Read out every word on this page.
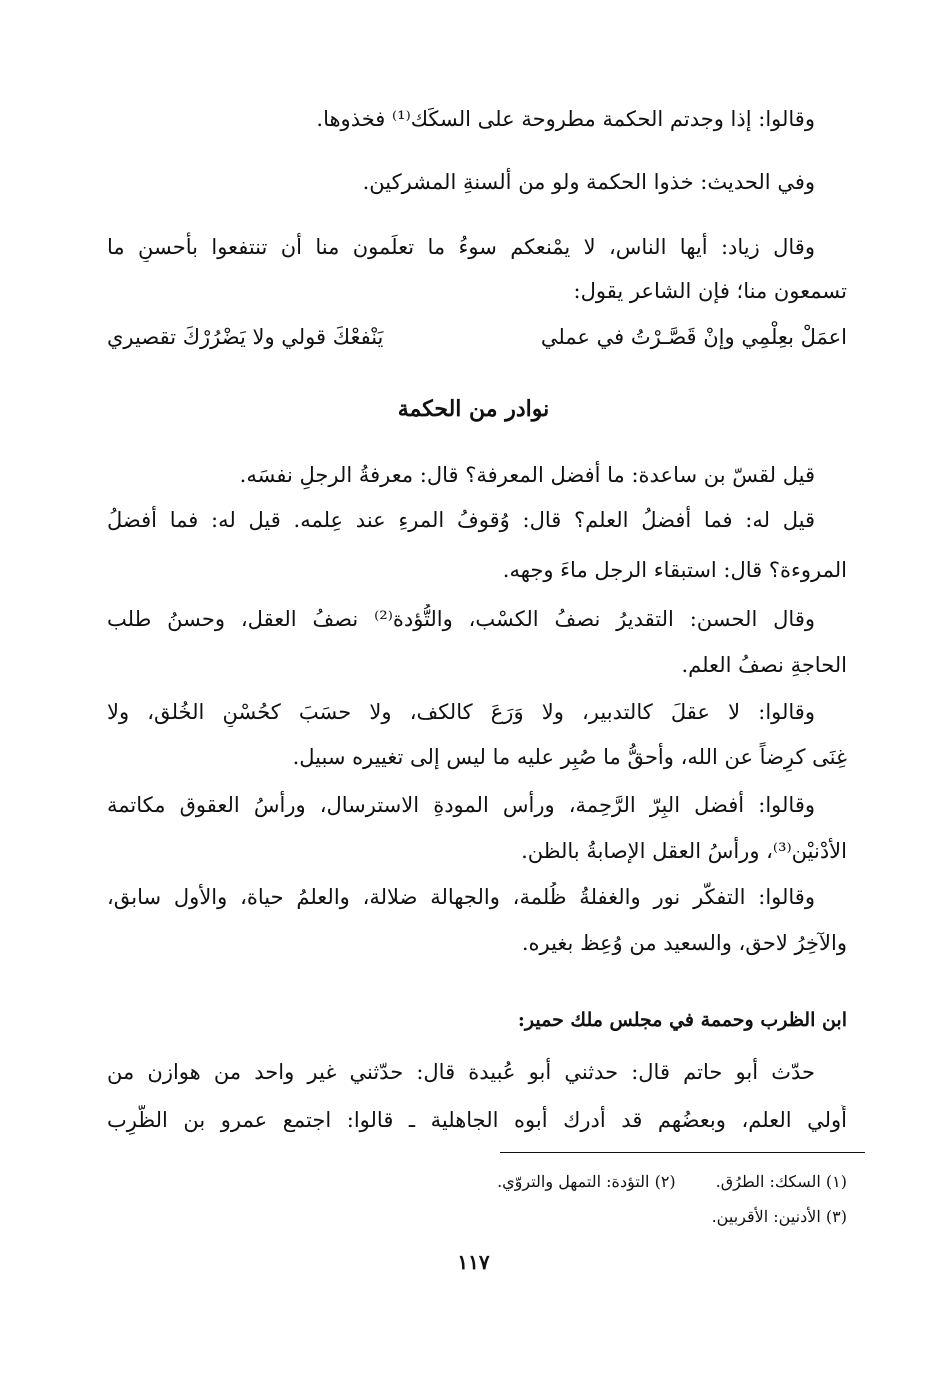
وقالوا: إذا وجدتم الحكمة مطروحة على السكَك⁽¹⁾ فخذوها.
وفي الحديث: خذوا الحكمة ولو من ألسنةِ المشركين.
وقال زياد: أيها الناس، لا يمْنعكم سوءُ ما تعلَمون منا أن تنتفعوا بأحسنِ ما
تسمعون منا؛ فإن الشاعر يقول:
اعمَلْ بعِلْمِي وإنْ قَصَّـرْتُ في عملي
يَنْفعْكَ قولي ولا يَضْرُرْكَ تقصيري
نوادر من الحكمة
قيل لقسّ بن ساعدة: ما أفضل المعرفة؟ قال: معرفةُ الرجلِ نفسَه.
قيل له: فما أفضلُ العلم؟ قال: وُقوفُ المرءِ عند عِلمه. قيل له: فما أفضلُ
المروءة؟ قال: استبقاء الرجل ماءَ وجهه.
وقال الحسن: التقديرُ نصفُ الكسْب، والتُّؤدة⁽²⁾ نصفُ العقل، وحسنُ طلب
الحاجةِ نصفُ العلم.
وقالوا: لا عقلَ كالتدبير، ولا وَرَعَ كالكف، ولا حسَبَ كحُسْنِ الخُلق، ولا
غِنَى كرِضاً عن الله، وأحقُّ ما صُبِر عليه ما ليس إلى تغييره سبيل.
وقالوا: أفضل البِرّ الرَّحِمة، ورأس المودةِ الاسترسال، ورأسُ العقوق مكاتمة
الأدْنيْن⁽³⁾، ورأسُ العقل الإصابةُ بالظن.
وقالوا: التفكّر نور والغفلةُ ظُلمة، والجهالة ضلالة، والعلمُ حياة، والأول سابق،
والآخِرُ لاحق، والسعيد من وُعِظ بغيره.
ابن الظرب وحممة في مجلس ملك حمير:
حدّث أبو حاتم قال: حدثني أبو عُبيدة قال: حدّثني غير واحد من هوازن من
أُولي العلم، وبعضُهم قد أدرك أبوه الجاهلية ـ قالوا: اجتمع عمرو بن الظَّرِب
(١) السكك: الطرُق.(٢) التؤدة: التمهل والتروّي.
(٣) الأدنين: الأقربين.
١١٧
